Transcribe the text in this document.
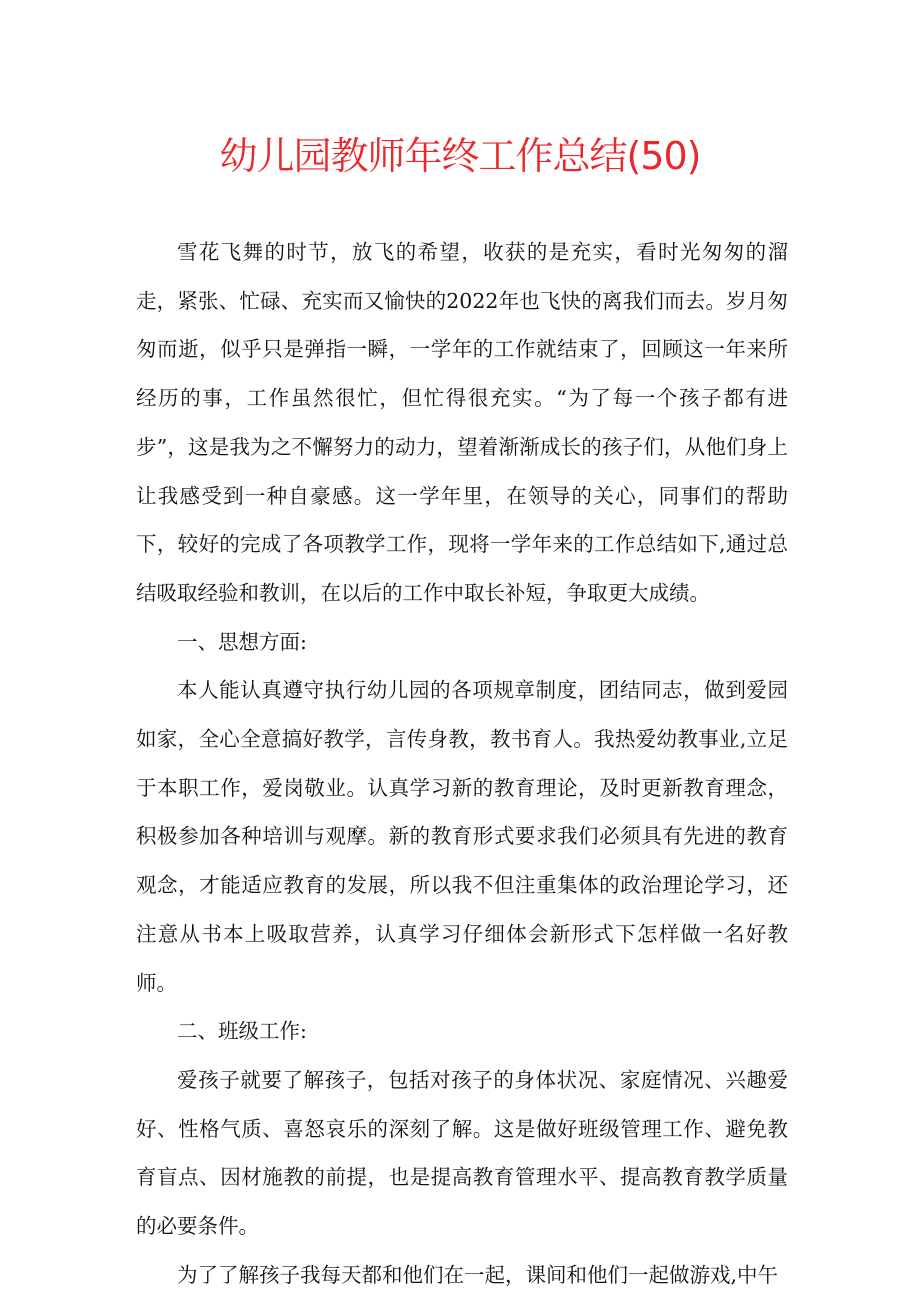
幼儿园教师年终工作总结(50)

雪花飞舞的时节，放飞的希望，收获的是充实，看时光匆匆的溜走，紧张、忙碌、充实而又愉快的2022年也飞快的离我们而去。岁月匆匆而逝，似乎只是弹指一瞬，一学年的工作就结束了，回顾这一年来所经历的事，工作虽然很忙，但忙得很充实。“为了每一个孩子都有进步”，这是我为之不懈努力的动力，望着渐渐成长的孩子们，从他们身上让我感受到一种自豪感。这一学年里，在领导的关心，同事们的帮助下，较好的完成了各项教学工作，现将一学年来的工作总结如下,通过总结吸取经验和教训，在以后的工作中取长补短，争取更大成绩。

一、思想方面:

本人能认真遵守执行幼儿园的各项规章制度，团结同志，做到爱园如家，全心全意搞好教学，言传身教，教书育人。我热爱幼教事业,立足于本职工作，爱岗敬业。认真学习新的教育理论，及时更新教育理念，积极参加各种培训与观摩。新的教育形式要求我们必须具有先进的教育观念，才能适应教育的发展，所以我不但注重集体的政治理论学习，还注意从书本上吸取营养，认真学习仔细体会新形式下怎样做一名好教师。

二、班级工作:

爱孩子就要了解孩子，包括对孩子的身体状况、家庭情况、兴趣爱好、性格气质、喜怒哀乐的深刻了解。这是做好班级管理工作、避免教育盲点、因材施教的前提，也是提高教育管理水平、提高教育教学质量的必要条件。

为了了解孩子我每天都和他们在一起，课间和他们一起做游戏,中午
